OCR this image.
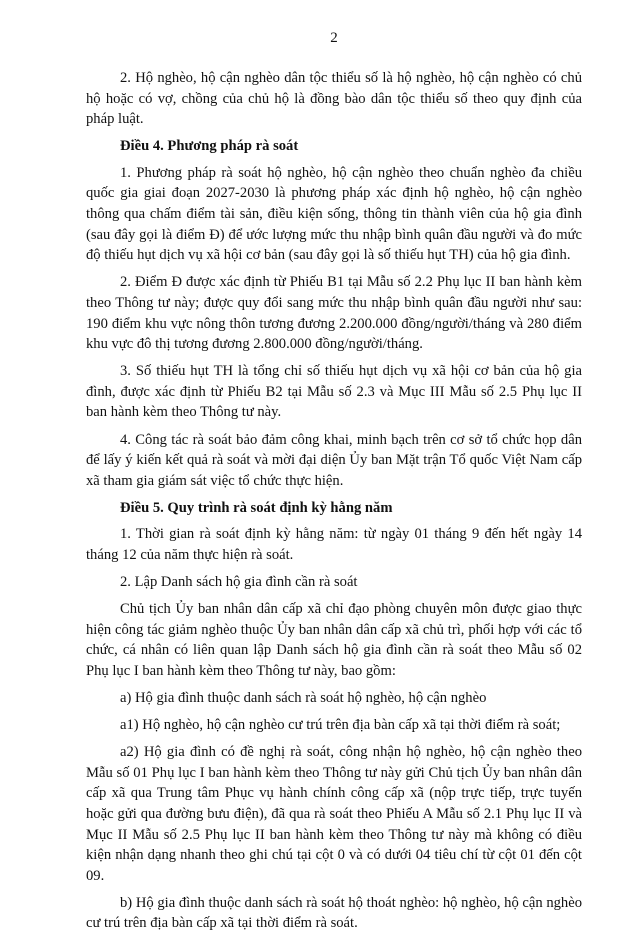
2

2. Hộ nghèo, hộ cận nghèo dân tộc thiểu số là hộ nghèo, hộ cận nghèo có chủ hộ hoặc có vợ, chồng của chủ hộ là đồng bào dân tộc thiểu số theo quy định của pháp luật.

Điều 4. Phương pháp rà soát

1. Phương pháp rà soát hộ nghèo, hộ cận nghèo theo chuẩn nghèo đa chiều quốc gia giai đoạn 2027-2030 là phương pháp xác định hộ nghèo, hộ cận nghèo thông qua chấm điểm tài sản, điều kiện sống, thông tin thành viên của hộ gia đình (sau đây gọi là điểm Đ) để ước lượng mức thu nhập bình quân đầu người và đo mức độ thiếu hụt dịch vụ xã hội cơ bản (sau đây gọi là số thiếu hụt TH) của hộ gia đình.

2. Điểm Đ được xác định từ Phiếu B1 tại Mẫu số 2.2 Phụ lục II ban hành kèm theo Thông tư này; được quy đổi sang mức thu nhập bình quân đầu người như sau: 190 điểm khu vực nông thôn tương đương 2.200.000 đồng/người/tháng và 280 điểm khu vực đô thị tương đương 2.800.000 đồng/người/tháng.

3. Số thiếu hụt TH là tổng chỉ số thiếu hụt dịch vụ xã hội cơ bản của hộ gia đình, được xác định từ Phiếu B2 tại Mẫu số 2.3 và Mục III Mẫu số 2.5 Phụ lục II ban hành kèm theo Thông tư này.

4. Công tác rà soát bảo đảm công khai, minh bạch trên cơ sở tổ chức họp dân để lấy ý kiến kết quả rà soát và mời đại diện Ủy ban Mặt trận Tổ quốc Việt Nam cấp xã tham gia giám sát việc tổ chức thực hiện.

Điều 5. Quy trình rà soát định kỳ hằng năm

1. Thời gian rà soát định kỳ hằng năm: từ ngày 01 tháng 9 đến hết ngày 14 tháng 12 của năm thực hiện rà soát.

2. Lập Danh sách hộ gia đình cần rà soát

Chủ tịch Ủy ban nhân dân cấp xã chỉ đạo phòng chuyên môn được giao thực hiện công tác giảm nghèo thuộc Ủy ban nhân dân cấp xã chủ trì, phối hợp với các tổ chức, cá nhân có liên quan lập Danh sách hộ gia đình cần rà soát theo Mẫu số 02 Phụ lục I ban hành kèm theo Thông tư này, bao gồm:

a) Hộ gia đình thuộc danh sách rà soát hộ nghèo, hộ cận nghèo

a1) Hộ nghèo, hộ cận nghèo cư trú trên địa bàn cấp xã tại thời điểm rà soát;

a2) Hộ gia đình có đề nghị rà soát, công nhận hộ nghèo, hộ cận nghèo theo Mẫu số 01 Phụ lục I ban hành kèm theo Thông tư này gửi Chủ tịch Ủy ban nhân dân cấp xã qua Trung tâm Phục vụ hành chính công cấp xã (nộp trực tiếp, trực tuyến hoặc gửi qua đường bưu điện), đã qua rà soát theo Phiếu A Mẫu số 2.1 Phụ lục II và Mục II Mẫu số 2.5 Phụ lục II ban hành kèm theo Thông tư này mà không có điều kiện nhận dạng nhanh theo ghi chú tại cột 0 và có dưới 04 tiêu chí từ cột 01 đến cột 09.

b) Hộ gia đình thuộc danh sách rà soát hộ thoát nghèo: hộ nghèo, hộ cận nghèo cư trú trên địa bàn cấp xã tại thời điểm rà soát.
